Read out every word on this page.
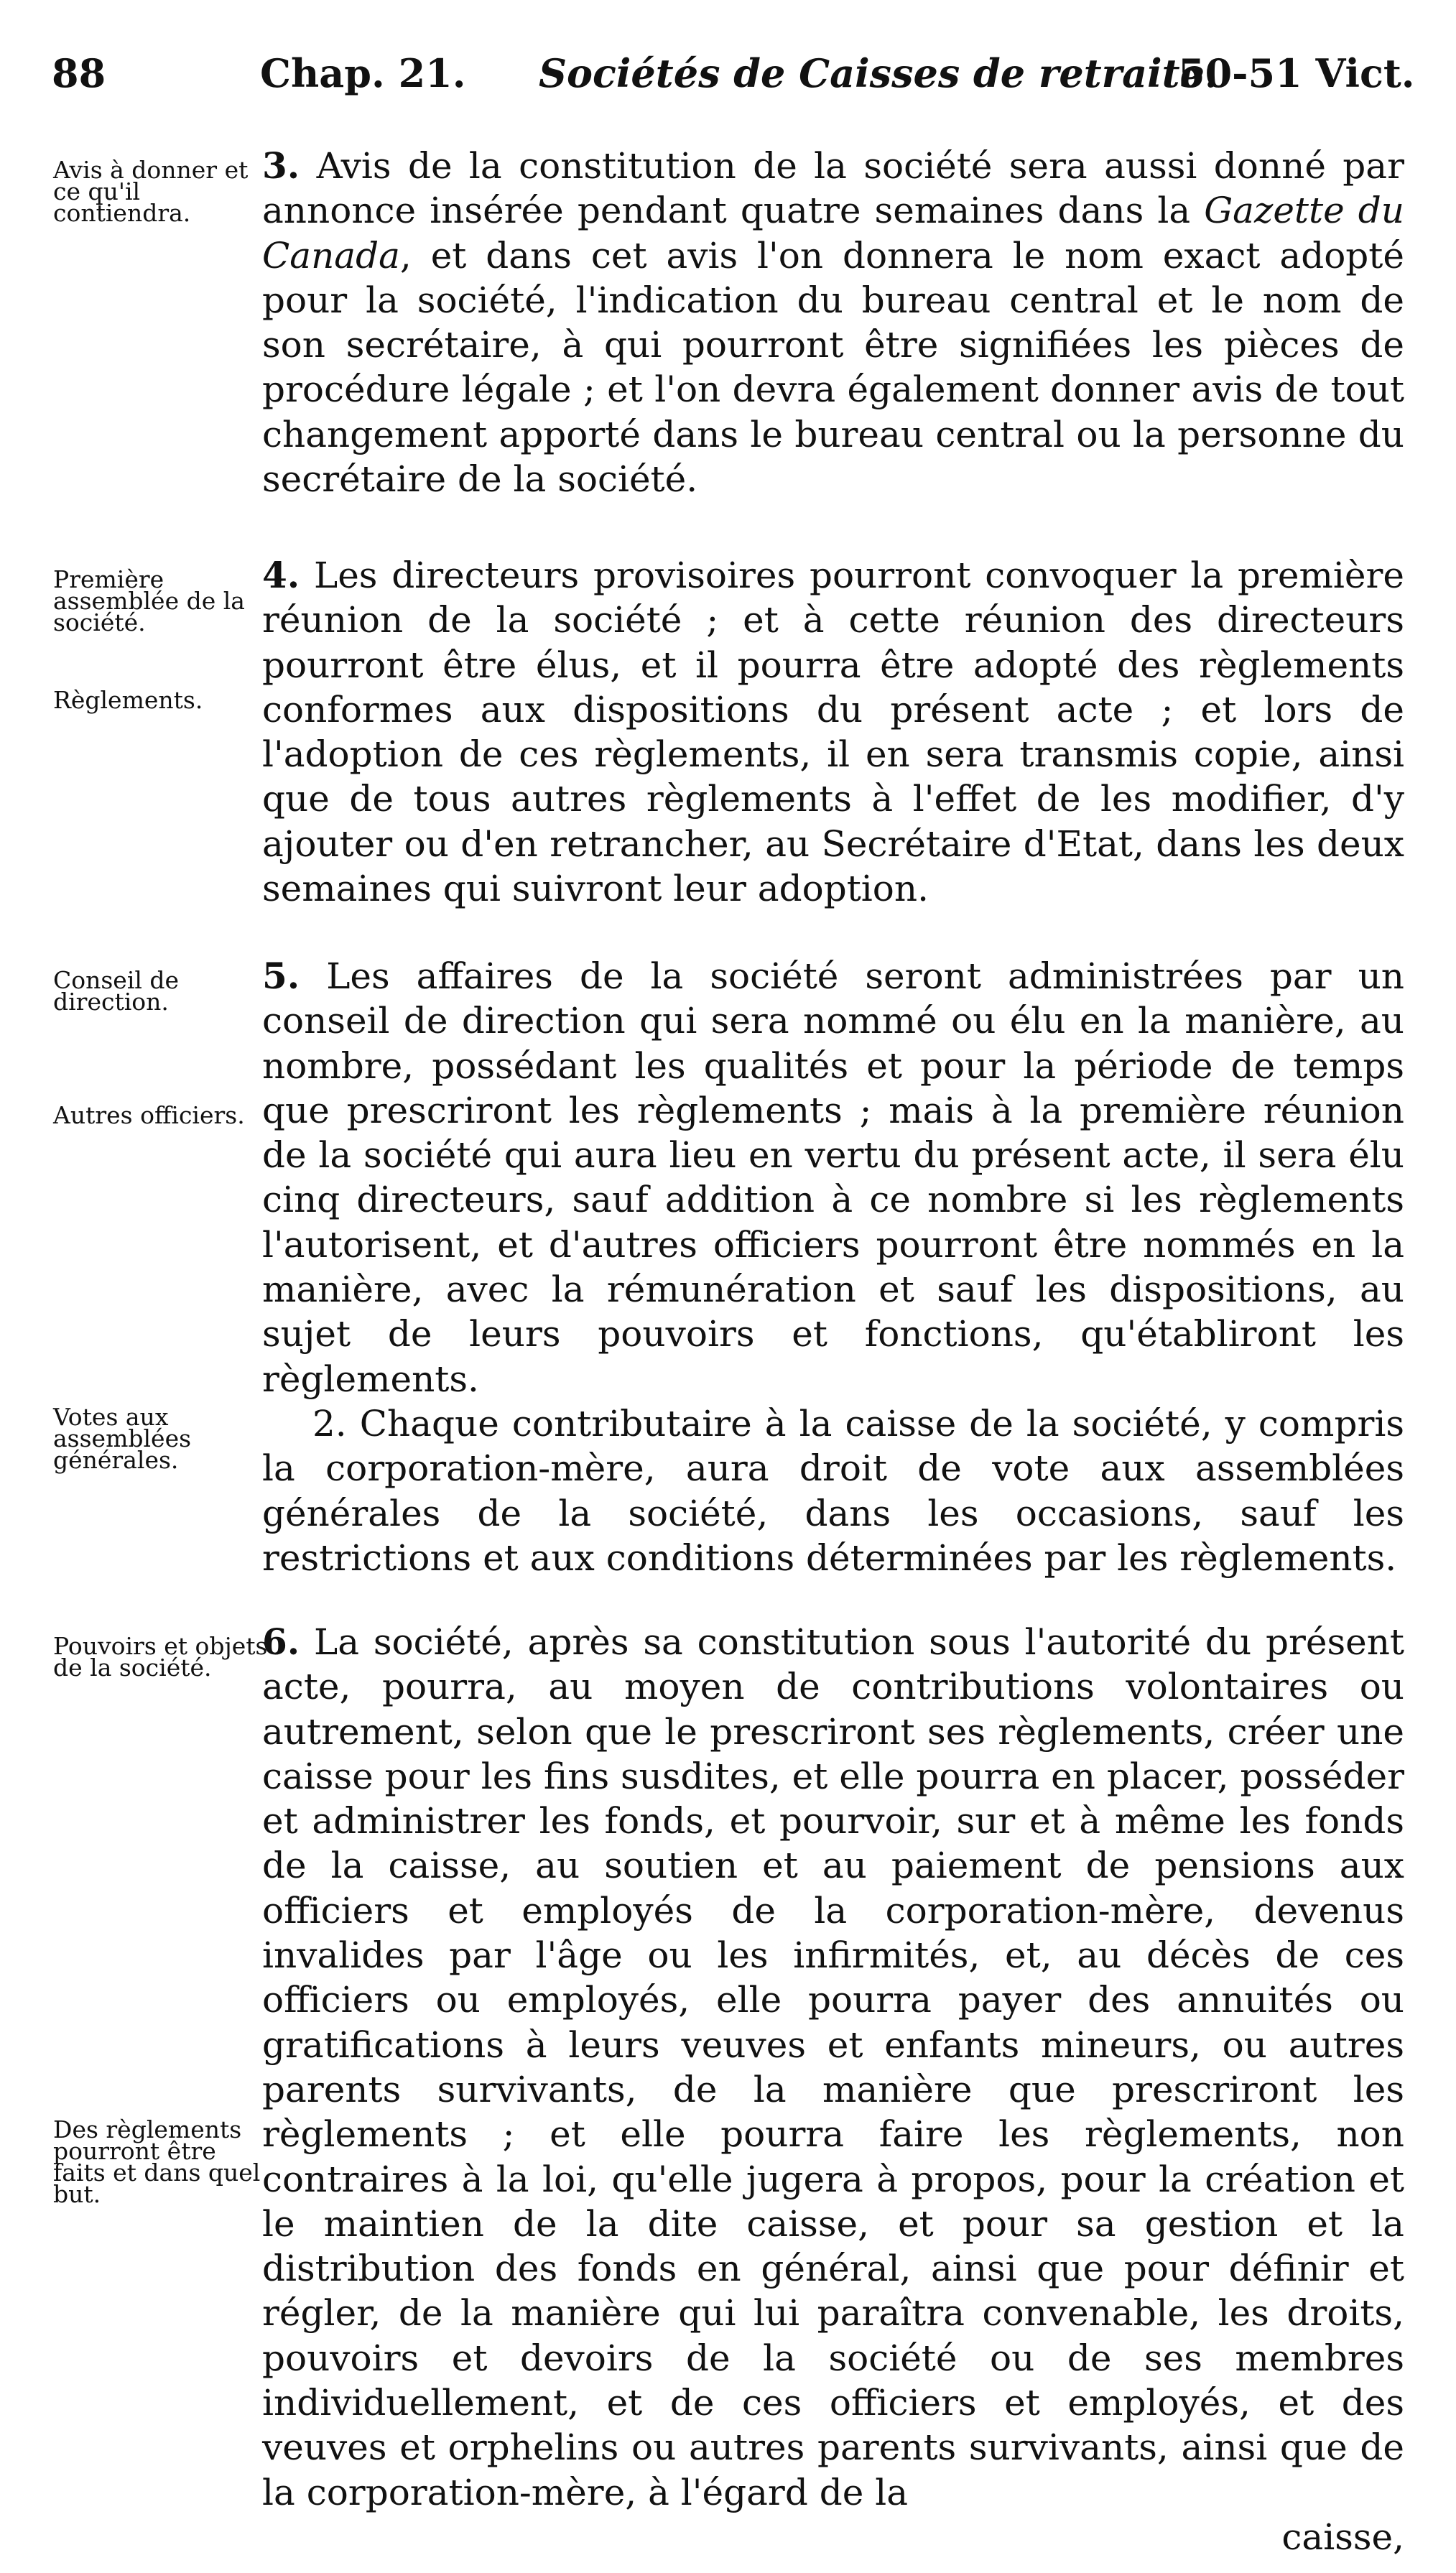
88	Chap. 21. Sociétés de Caisses de retraite.
50-51 Vict.
Avis à donner et ce qu'il contiendra.

3. Avis de la constitution de la société sera aussi donné par annonce insérée pendant quatre semaines dans la Gazette du Canada, et dans cet avis l'on donnera le nom exact adopté pour la société, l'indication du bureau central et le nom de son secrétaire, à qui pourront être signifiées les pièces de procédure légale ; et l'on devra également donner avis de tout changement apporté dans le bureau central ou la personne du secrétaire de la société.

Première assemblée de la société.
Règlements.

4. Les directeurs provisoires pourront convoquer la première réunion de la société ; et à cette réunion des directeurs pourront être élus, et il pourra être adopté des règlements conformes aux dispositions du présent acte ; et lors de l'adoption de ces règlements, il en sera transmis copie, ainsi que de tous autres règlements à l'effet de les modifier, d'y ajouter ou d'en retrancher, au Secrétaire d'Etat, dans les deux semaines qui suivront leur adoption.

Conseil de direction.
Autres officiers.
Votes aux assemblées générales.

5. Les affaires de la société seront administrées par un conseil de direction qui sera nommé ou élu en la manière, au nombre, possédant les qualités et pour la période de temps que prescriront les règlements ; mais à la première réunion de la société qui aura lieu en vertu du présent acte, il sera élu cinq directeurs, sauf addition à ce nombre si les règlements l'autorisent, et d'autres officiers pourront être nommés en la manière, avec la rémunération et sauf les dispositions, au sujet de leurs pouvoirs et fonctions, qu'établiront les règlements.

2. Chaque contributaire à la caisse de la société, y compris la corporation-mère, aura droit de vote aux assemblées générales de la société, dans les occasions, sauf les restrictions et aux conditions déterminées par les règlements.

Pouvoirs et objets de la société.
Des règlements pourront être faits et dans quel but.

6. La société, après sa constitution sous l'autorité du présent acte, pourra, au moyen de contributions volontaires ou autrement, selon que le prescriront ses règlements, créer une caisse pour les fins susdites, et elle pourra en placer, posséder et administrer les fonds, et pourvoir, sur et à même les fonds de la caisse, au soutien et au paiement de pensions aux officiers et employés de la corporation-mère, devenus invalides par l'âge ou les infirmités, et, au décès de ces officiers ou employés, elle pourra payer des annuités ou gratifications à leurs veuves et enfants mineurs, ou autres parents survivants, de la manière que prescriront les règlements ; et elle pourra faire les règlements, non contraires à la loi, qu'elle jugera à propos, pour la création et le maintien de la dite caisse, et pour sa gestion et la distribution des fonds en général, ainsi que pour définir et régler, de la manière qui lui paraîtra convenable, les droits, pouvoirs et devoirs de la société ou de ses membres individuellement, et de ces officiers et employés, et des veuves et orphelins ou autres parents survivants, ainsi que de la corporation-mère, à l'égard de la

caisse,
